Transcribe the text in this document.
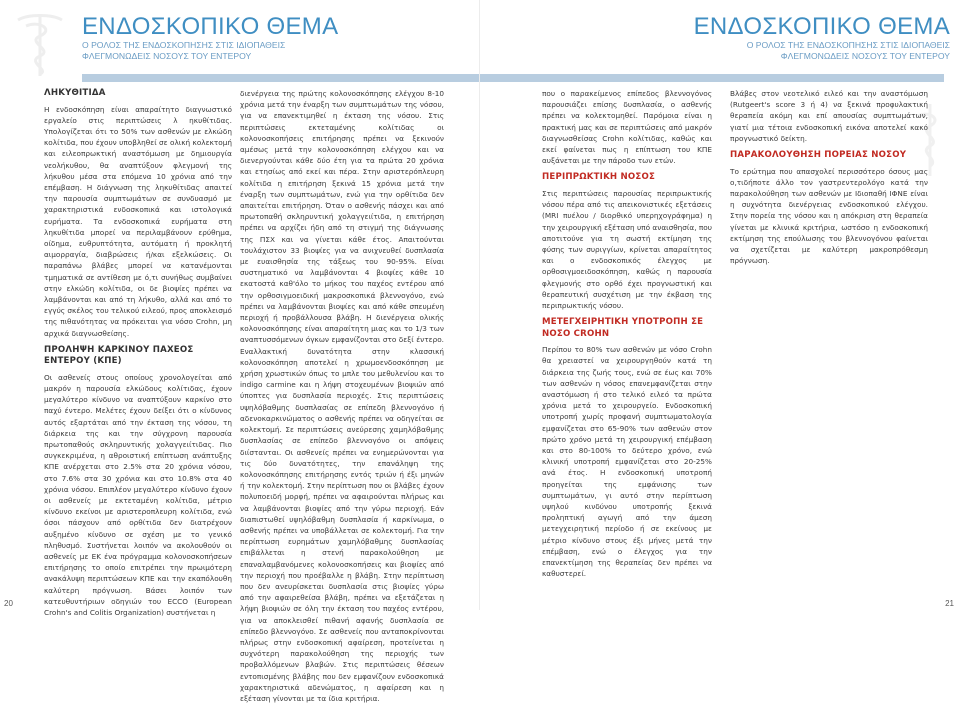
ΕΝΔΟΣΚΟΠΙΚΟ ΘΕΜΑ
Ο ΡΟΛΟΣ ΤΗΣ ΕΝΔΟΣΚΟΠΗΣΗΣ ΣΤΙΣ ΙΔΙΟΠΑΘΕΙΣ
ΦΛΕΓΜΟΝΩΔΕΙΣ ΝΟΣΟΥΣ ΤΟΥ ΕΝΤΕΡΟΥ
ΛΗΚΥΘΙΤΙΔΑ

Η ενδοσκόπηση είναι απαραίτητο διαγνωστικό εργαλείο στις περιπτώσεις λ ηκυθίτιδας. Υπολογίζεται ότι το 50% των ασθενών με ελκώδη κολίτιδα, που έχουν υποβληθεί σε ολική κολεκτομή και ειλεοπρωκτική αναστόμωση με δημιουργία νεολήκυθου, θα αναπτύξουν φλεγμονή της λήκυθου μέσα στα επόμενα 10 χρόνια από την επέμβαση. Η διάγνωση της ληκυθίτιδας απαιτεί την παρουσία συμπτωμάτων σε συνδυασμό με χαρακτηριστικά ενδοσκοπικά και ιστολογικά ευρήματα. Τα ενδοσκοπικά ευρήματα στη ληκυθίτιδα μπορεί να περιλαμβάνουν ερύθημα, οίδημα, ευθρυπτότητα, αυτόματη ή προκλητή αιμορραγία, διαβρώσεις ή/και εξελκώσεις. Οι παραπάνω βλάβες μπορεί να κατανέμονται τμηματικά σε αντίθεση με ό,τι συνήθως συμβαίνει στην ελκώδη κολίτιδα, οι δε βιοψίες πρέπει να λαμβάνονται και από τη λήκυθο, αλλά και από το εγγύς σκέλος του τελικού ειλεού, προς αποκλεισμό της πιθανότητας να πρόκειται για νόσο Crohn, μη αρχικά διαγνωσθείσης.

ΠΡΟΛΗΨΗ ΚΑΡΚΙΝΟΥ ΠΑΧΕΟΣ ΕΝΤΕΡΟΥ (ΚΠΕ)

Οι ασθενείς στους οποίους χρονολογείται από μακρόν η παρουσία ελκώδους κολίτιδας, έχουν μεγαλύτερο κίνδυνο να αναπτύξουν καρκίνο στο παχύ έντερο. Μελέτες έχουν δείξει ότι ο κίνδυνος αυτός εξαρτάται από την έκταση της νόσου, τη διάρκεια της και την σύγχρονη παρουσία πρωτοπαθούς σκληρυντικής χολαγγειίτιδας. Πιο συγκεκριμένα, η αθροιστική επίπτωση ανάπτυξης ΚΠΕ ανέρχεται στο 2.5% στα 20 χρόνια νόσου, στο 7.6% στα 30 χρόνια και στο 10.8% στα 40 χρόνια νόσου. Επιπλέον μεγαλύτερο κίνδυνο έχουν οι ασθενείς με εκτεταμένη κολίτιδα, μέτριο κίνδυνο εκείνοι με αριστεροπλευρη κολίτιδα, ενώ όσοι πάσχουν από ορθίτιδα δεν διατρέχουν αυξημένο κίνδυνο σε σχέση με το γενικό πληθυσμό. Συστήνεται λοιπόν να ακολουθούν οι ασθενείς με ΕΚ ένα πρόγραμμα κολονοσκοπήσεων επιτήρησης το οποίο επιτρέπει την πρωιμότερη ανακάλυψη περιπτώσεων ΚΠΕ και την εκαπόλουθη καλύτερη πρόγνωση. Βάσει λοιπόν των κατευθυντήριων οδηγιών του ECCO (European Crohn's and Colitis Organization) συστήνεται η

διενέργεια της πρώτης κολονοσκόπησης ελέγχου 8-10 χρόνια μετά την έναρξη των συμπτωμάτων της νόσου, για να επανεκτιμηθεί η έκταση της νόσου. Στις περιπτώσεις εκτεταμένης κολίτιδας οι κολονοσκοπήσεις επιτήρησης πρέπει να ξεκινούν αμέσως μετά την κολονοσκόπηση ελέγχου και να διενεργούνται κάθε δύο έτη για τα πρώτα 20 χρόνια και ετησίως από εκεί και πέρα. Στην αριστερόπλευρη κολίτιδα η επιτήρηση ξεκινά 15 χρόνια μετά την έναρξη των συμπτωμάτων, ενώ για την ορθίτιδα δεν απαιτείται επιτήρηση. Όταν ο ασθενής πάσχει και από πρωτοπαθή σκληρυντική χολαγγειίτιδα, η επιτήρηση πρέπει να αρχίζει ήδη από τη στιγμή της διάγνωσης της ΠΣΧ και να γίνεται κάθε έτος. Απαιτούνται τουλάχιστον 33 βιοψίες για να ανιχνευθεί δυσπλασία με ευαισθησία της τάξεως του 90-95%. Είναι συστηματικό να λαμβάνονται 4 βιοψίες κάθε 10 εκατοστά καθ'όλο το μήκος του παχέος εντέρου από την ορθοσιγμοειδική μακροσκοπικά βλεννογόνο, ενώ πρέπει να λαμβάνονται βιοψίες και από κάθε σπευμένη περιοχή ή προβάλλουσα βλάβη. Η διενέργεια ολικής κολονοσκόπησης είναι απαραίτητη μιας και το 1/3 των αναπτυσσόμενων όγκων εμφανίζονται στο δεξί έντερο. Εναλλακτική δυνατότητα στην κλασσική κολονοσκόπηση αποτελεί η χρωμοενδοσκόπηση με χρήση χρωστικών όπως το μπλε του μεθυλενίου και το indigo carmine και η λήψη στοχευμένων βιοψιών από ύποπτες για δυσπλασία περιοχές. Στις περιπτώσεις υψηλόβαθμης δυσπλασίας σε επίπεδη βλεννογόνο ή αδενοκαρκινώματος ο ασθενής πρέπει να οδηγείται σε κολεκτομή. Σε περιπτώσεις ανεύρεσης χαμηλόβαθμης δυσπλασίας σε επίπεδο βλεννογόνο οι απόψεις διίστανται. Οι ασθενείς πρέπει να ενημερώνονται για τις δύο δυνατότητες, την επανάληψη της κολονοσκόπησης επιτήρησης εντός τριών ή έξι μηνών ή την κολεκτομή. Στην περίπτωση που οι βλάβες έχουν πολυποειδή μορφή, πρέπει να αφαιρούνται πλήρως και να λαμβάνονται βιοψίες από την γύρω περιοχή. Εάν διαπιστωθεί υψηλόβαθμη δυσπλασία ή καρκίνωμα, ο ασθενής πρέπει να υποβάλλεται σε κολεκτομή. Για την περίπτωση ευρημάτων χαμηλόβαθμης δυσπλασίας επιβάλλεται η στενή παρακολούθηση με επαναλαμβανόμενες κολονοσκοπήσεις και βιοψίες από την περιοχή που προέβαλλε η βλάβη. Στην περίπτωση που δεν ανευρίσκεται δυσπλασία στις βιοψίες γύρω από την αφαιρεθείσα βλάβη, πρέπει να εξετάζεται η λήψη βιοψιών σε όλη την έκταση του παχέος εντέρου, για να αποκλεισθεί πιθανή αφανής δυσπλασία σε επίπεδο βλεννογόνο. Σε ασθενείς που ανταποκρίνονται πλήρως στην ενδοσκοπική αφαίρεση, προτείνεται η συχνότερη παρακολούθηση της περιοχής των προβαλλόμενων βλαβών. Στις περιπτώσεις θέσεων εντοπισμένης βλάβης που δεν εμφανίζουν ενδοσκοπικά χαρακτηριστικά αδενώματος, η αφαίρεση και η εξέταση γίνονται με τα ίδια κριτήρια.

20
ΕΝΔΟΣΚΟΠΙΚΟ ΘΕΜΑ
Ο ΡΟΛΟΣ ΤΗΣ ΕΝΔΟΣΚΟΠΗΣΗΣ ΣΤΙΣ ΙΔΙΟΠΑΘΕΙΣ
ΦΛΕΓΜΟΝΩΔΕΙΣ ΝΟΣΟΥΣ ΤΟΥ ΕΝΤΕΡΟΥ

που ο παρακείμενος επίπεδος βλεννογόνος παρουσιάζει επίσης δυσπλασία, ο ασθενής πρέπει να κολεκτομηθεί. Παρόμοια είναι η πρακτική μας και σε περιπτώσεις από μακρόν διαγνωσθείσας Crohn κολίτιδας, καθώς και εκεί φαίνεται πως η επίπτωση του ΚΠΕ αυξάνεται με την πάροδο των ετών.

ΠΕΡΙΠΡΩΚΤΙΚΗ ΝΟΣΟΣ

Στις περιπτώσεις παρουσίας περιπρωκτικής νόσου πέρα από τις απεικονιστικές εξετάσεις (MRI πυέλου / διορθικό υπερηχογράφημα) η την χειρουργική εξέταση υπό αναισθησία, που αποτιτούνε για τη σωστή εκτίμηση της φύσης των συριγγίων, κρίνεται απαραίτητος και ο ενδοσκοπικός έλεγχος με ορθοσιγμοειδοσκόπηση, καθώς η παρουσία φλεγμονής στο ορθό έχει προγνωστική και θεραπευτική συσχέτιση με την έκβαση της περιπρωκτικής νόσου.

ΜΕΤΕΓΧΕΙΡΗΤΙΚΗ ΥΠΟΤΡΟΠΗ ΣΕ ΝΟΣΟ CROHN

Περίπου το 80% των ασθενών με νόσο Crohn θα χρειαστεί να χειρουργηθούν κατά τη διάρκεια της ζωής τους, ενώ σε έως και 70% των ασθενών η νόσος επανεμφανίζεται στην αναστόμωση ή στο τελικό ειλεό τα πρώτα χρόνια μετά το χειρουργείο. Ενδοσκοπική υποτροπή χωρίς προφανή συμπτωματολογία εμφανίζεται στο 65-90% των ασθενών στον πρώτο χρόνο μετά τη χειρουργική επέμβαση και στο 80-100% το δεύτερο χρόνο, ενώ κλινική υποτροπή εμφανίζεται στο 20-25% ανά έτος. Η ενδοσκοπική υποτροπή προηγείται της εμφάνισης των συμπτωμάτων, γι αυτό στην περίπτωση υψηλού κινδύνου υποτροπής ξεκινά προληπτική αγωγή από την άμεση μετεγχειρητική περίοδο ή σε εκείνους με μέτριο κίνδυνο στους έξι μήνες μετά την επέμβαση, ενώ ο έλεγχος για την επανεκτίμηση της θεραπείας δεν πρέπει να καθυστερεί.

Βλάβες στον νεοτελικό ειλεό και την αναστόμωση (Rutgeert's score 3 ή 4) να ξεκινά προφυλακτική θεραπεία ακόμη και επί απουσίας συμπτωμάτων, γιατί μια τέτοια ενδοσκοπική εικόνα αποτελεί κακό προγνωστικό δείκτη.

ΠΑΡΑΚΟΛΟΥΘΗΣΗ ΠΟΡΕΙΑΣ ΝΟΣΟΥ

Το ερώτημα που απασχολεί περισσότερο όσους μας ο,τιδήποτε άλλο τον γαστρεντερολόγο κατά την παρακολούθηση των ασθενών με Ιδιοπαθή ΙΦΝΕ είναι η συχνότητα διενέργειας ενδοσκοπικού ελέγχου. Στην πορεία της νόσου και η απόκριση στη θεραπεία γίνεται με κλινικά κριτήρια, ωστόσο η ενδοσκοπική εκτίμηση της επούλωσης του βλεννογόνου φαίνεται να σχετίζεται με καλύτερη μακροπρόθεσμη πρόγνωση.

21
